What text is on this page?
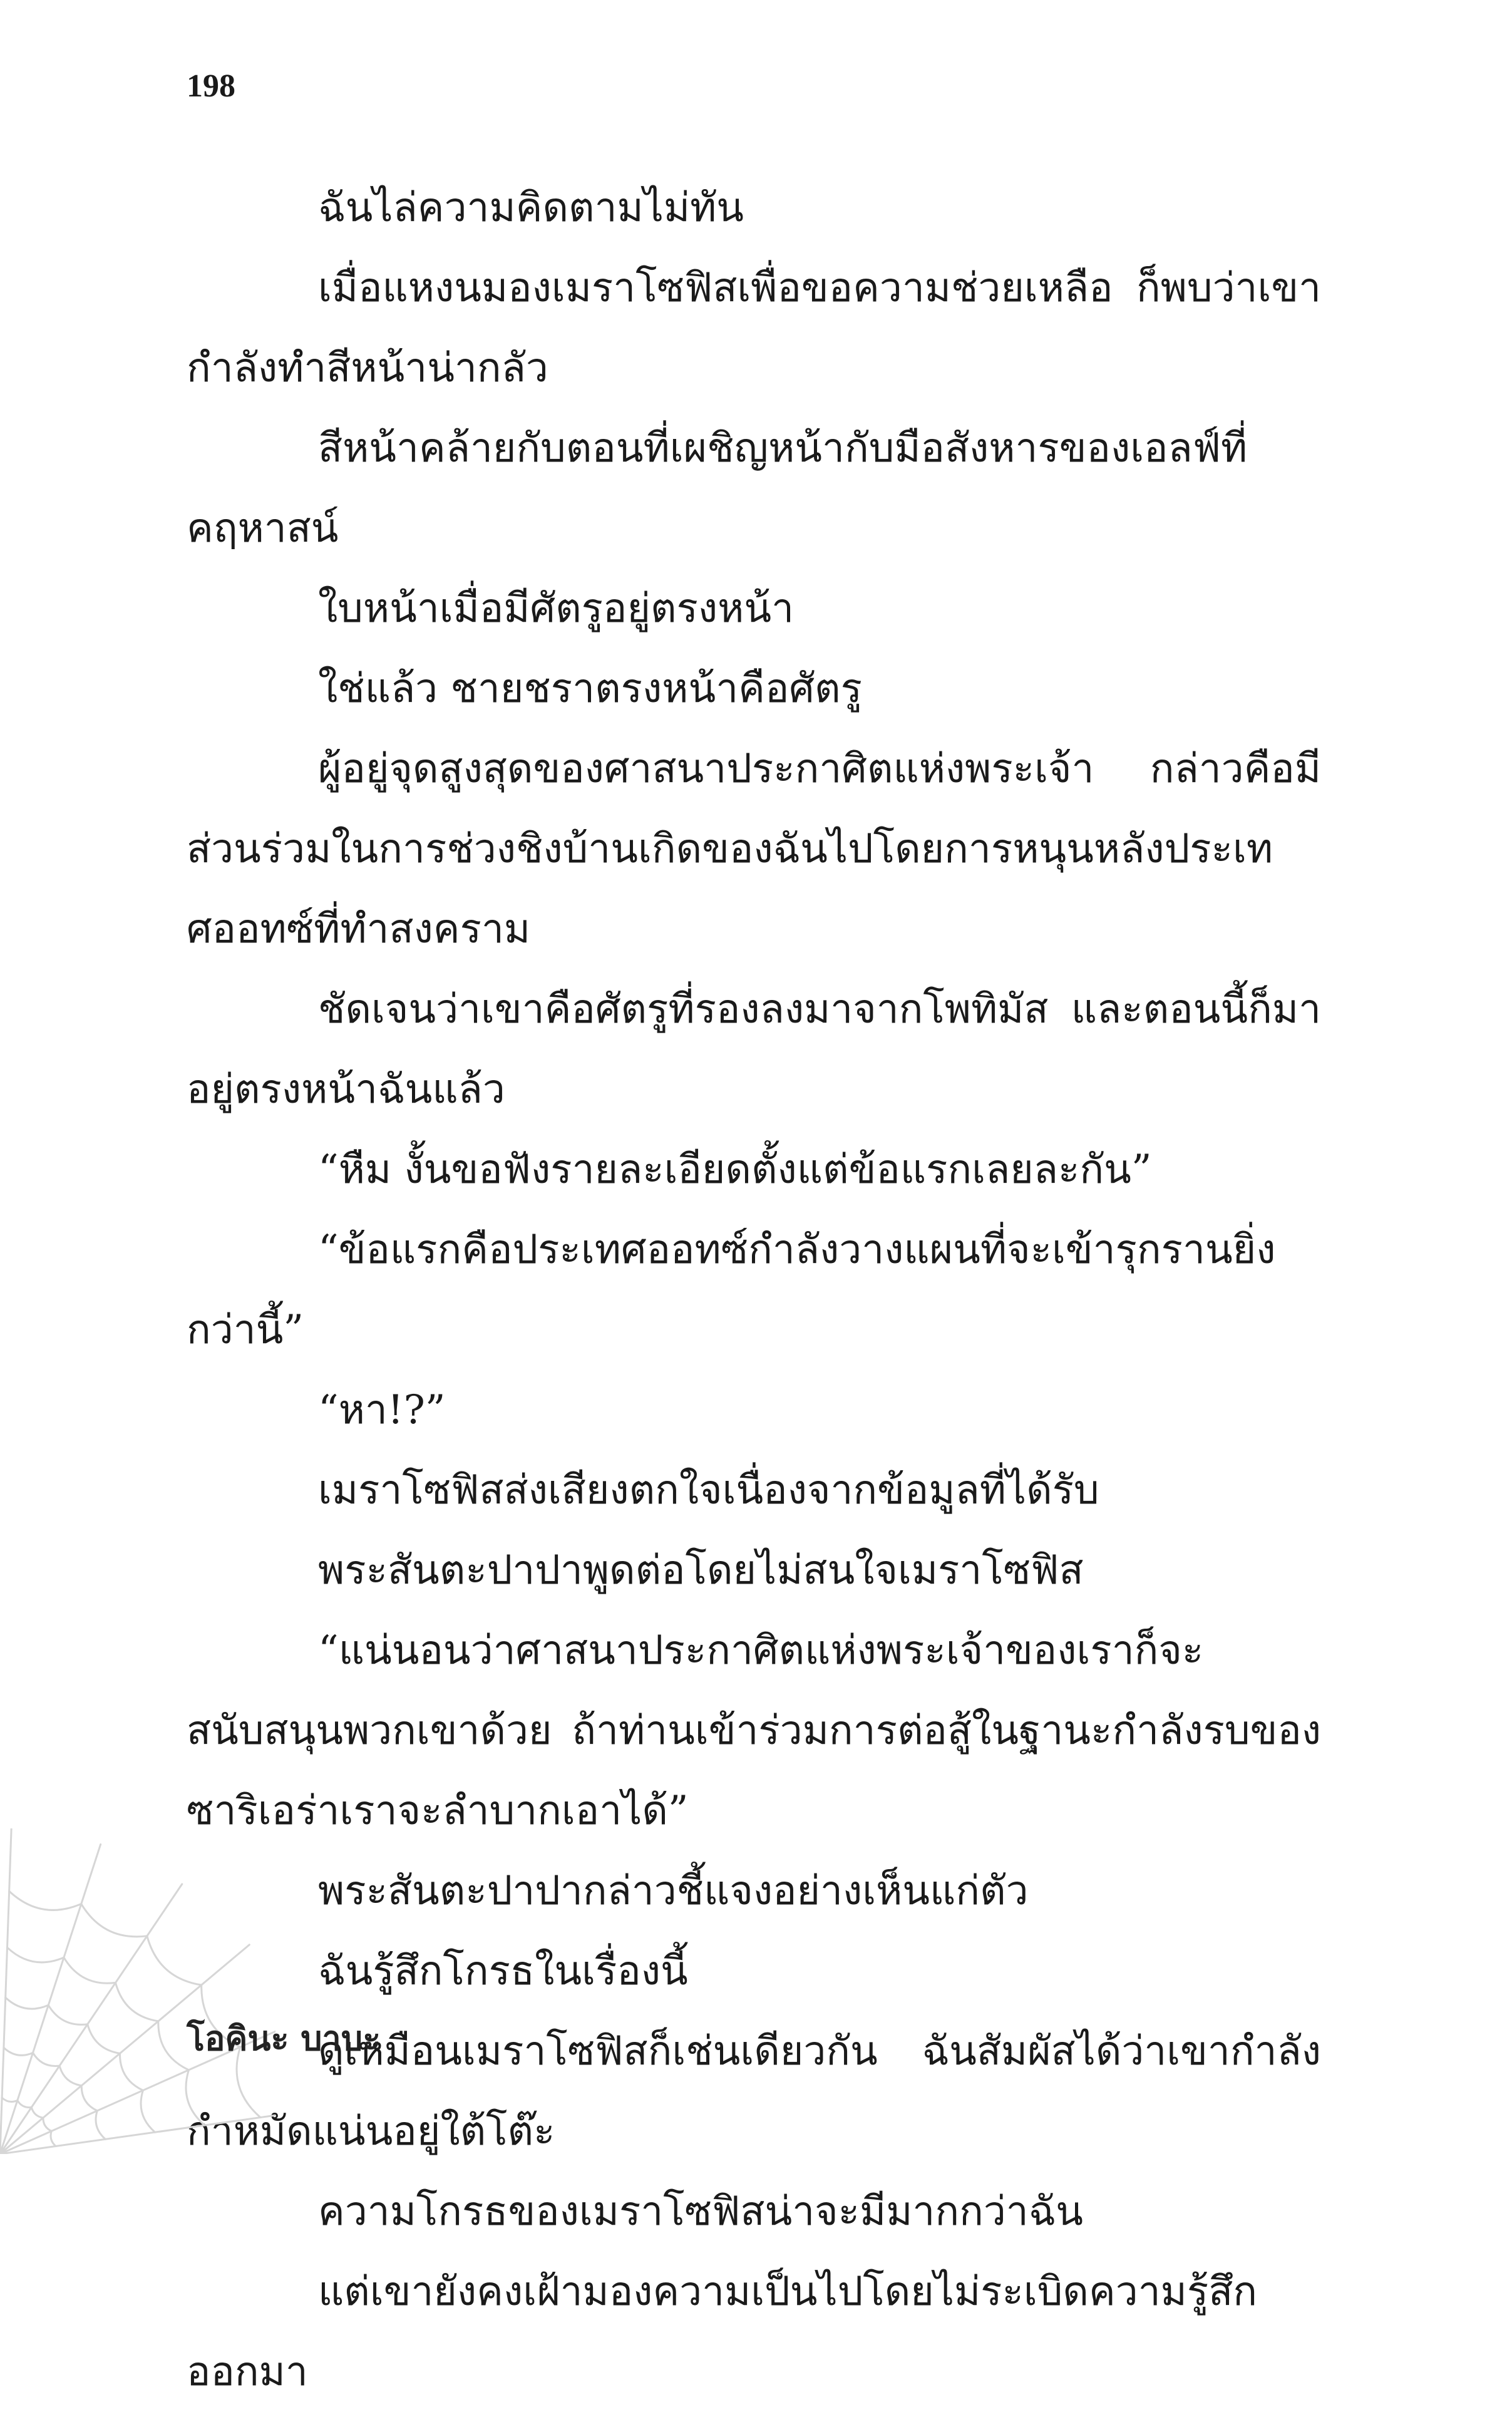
198

ฉันไล่ความคิดตามไม่ทัน

เมื่อแหงนมองเมราโซฟิสเพื่อขอความช่วยเหลือ ก็พบว่าเขากำลังทำสีหน้าน่ากลัว

สีหน้าคล้ายกับตอนที่เผชิญหน้ากับมือสังหารของเอลฟ์ที่คฤหาสน์

ใบหน้าเมื่อมีศัตรูอยู่ตรงหน้า

ใช่แล้ว ชายชราตรงหน้าคือศัตรู

ผู้อยู่จุดสูงสุดของศาสนาประกาศิตแห่งพระเจ้า กล่าวคือมีส่วนร่วมในการช่วงชิงบ้านเกิดของฉันไปโดยการหนุนหลังประเทศออทซ์ที่ทำสงคราม

ชัดเจนว่าเขาคือศัตรูที่รองลงมาจากโพทิมัส และตอนนี้ก็มาอยู่ตรงหน้าฉันแล้ว

“หืม งั้นขอฟังรายละเอียดตั้งแต่ข้อแรกเลยละกัน”

“ข้อแรกคือประเทศออทซ์กำลังวางแผนที่จะเข้ารุกรานยิ่งกว่านี้”

“หา!?”

เมราโซฟิสส่งเสียงตกใจเนื่องจากข้อมูลที่ได้รับ

พระสันตะปาปาพูดต่อโดยไม่สนใจเมราโซฟิส

“แน่นอนว่าศาสนาประกาศิตแห่งพระเจ้าของเราก็จะสนับสนุนพวกเขาด้วย ถ้าท่านเข้าร่วมการต่อสู้ในฐานะกำลังรบของซาริเอร่าเราจะลำบากเอาได้”

พระสันตะปาปากล่าวชี้แจงอย่างเห็นแก่ตัว

ฉันรู้สึกโกรธในเรื่องนี้

ดูเหมือนเมราโซฟิสก็เช่นเดียวกัน ฉันสัมผัสได้ว่าเขากำลังกำหมัดแน่นอยู่ใต้โต๊ะ

ความโกรธของเมราโซฟิสน่าจะมีมากกว่าฉัน

แต่เขายังคงเฝ้ามองความเป็นไปโดยไม่ระเบิดความรู้สึกออกมา

โอคินะ บาบะ
